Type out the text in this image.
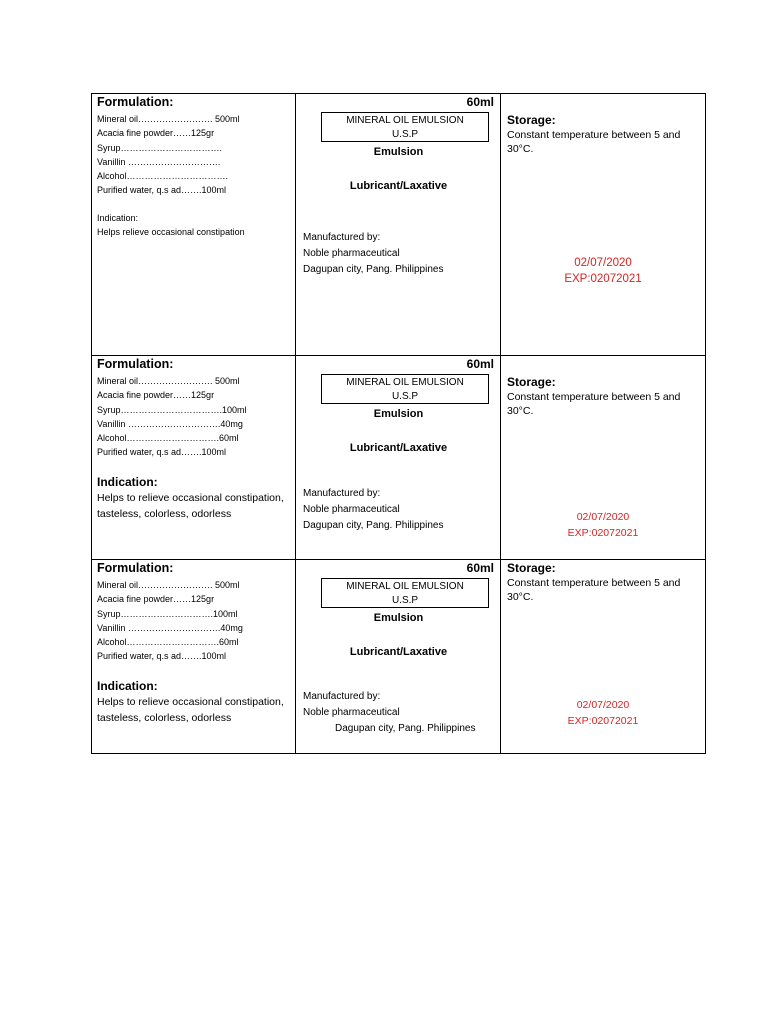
Formulation:
Mineral oil……………………. 500ml
Acacia fine powder……125gr
Syrup…………………………….
Vanillin ………………………….
Alcohol…………………………….
Purified water, q.s ad…….100ml
Indication:
Helps relieve occasional constipation
60ml
MINERAL OIL EMULSION
U.S.P
Emulsion
Lubricant/Laxative
Manufactured by:
Noble pharmaceutical
Dagupan city, Pang. Philippines
Storage:
Constant temperature between 5 and 30°C.
02/07/2020
EXP:02072021
Formulation:
Mineral oil……………………. 500ml
Acacia fine powder……125gr
Syrup…………………………….100ml
Vanillin ………………………….40mg
Alcohol………………………….60ml
Purified water, q.s ad…….100ml
Indication:
Helps to relieve occasional constipation, tasteless, colorless, odorless
60ml
MINERAL OIL EMULSION
U.S.P
Emulsion
Lubricant/Laxative
Manufactured by:
Noble pharmaceutical
Dagupan city, Pang. Philippines
Storage:
Constant temperature between 5 and 30°C.
02/07/2020
EXP:02072021
Formulation:
Mineral oil……………………. 500ml
Acacia fine powder……125gr
Syrup………………………….100ml
Vanillin ………………………….40mg
Alcohol………………………….60ml
Purified water, q.s ad…….100ml
Indication:
Helps to relieve occasional constipation, tasteless, colorless, odorless
60ml
MINERAL OIL EMULSION
U.S.P
Emulsion
Lubricant/Laxative
Manufactured by:
Noble pharmaceutical
Dagupan city, Pang. Philippines
Storage:
Constant temperature between 5 and 30°C.
02/07/2020
EXP:02072021
